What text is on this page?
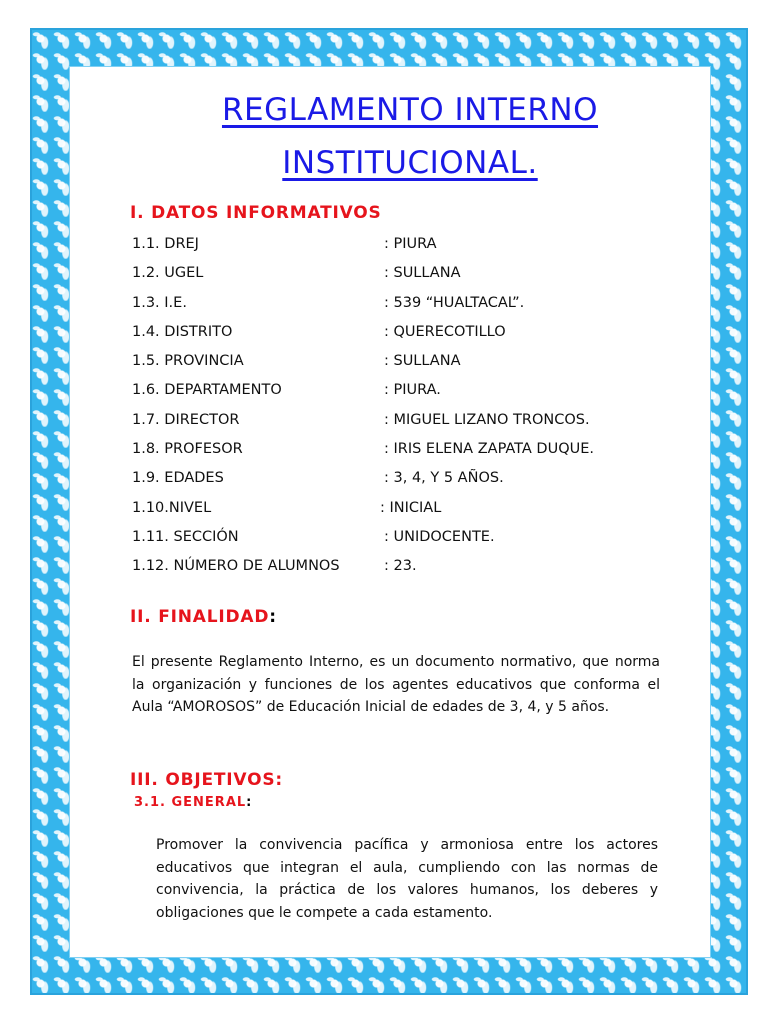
REGLAMENTO INTERNO
INSTITUCIONAL.
I. DATOS INFORMATIVOS
1.1. DREJ	: PIURA
1.2. UGEL	: SULLANA
1.3. I.E.	: 539 “HUALTACAL”.
1.4. DISTRITO	: QUERECOTILLO
1.5. PROVINCIA	: SULLANA
1.6. DEPARTAMENTO	: PIURA.
1.7. DIRECTOR	: MIGUEL LIZANO TRONCOS.
1.8. PROFESOR	: IRIS ELENA ZAPATA DUQUE.
1.9. EDADES	: 3, 4, Y 5 AÑOS.
1.10.NIVEL	: INICIAL
1.11. SECCIÓN	: UNIDOCENTE.
1.12. NÚMERO DE ALUMNOS	: 23.
II. FINALIDAD:

El presente Reglamento Interno, es un documento normativo, que norma la organización y funciones de los agentes educativos que conforma el Aula “AMOROSOS” de Educación Inicial de edades de 3, 4, y 5 años.

III. OBJETIVOS:

3.1. GENERAL:

Promover la convivencia pacífica y armoniosa entre los actores educativos que integran el aula, cumpliendo con las normas de convivencia, la práctica de los valores humanos, los deberes y obligaciones que le compete a cada estamento.
